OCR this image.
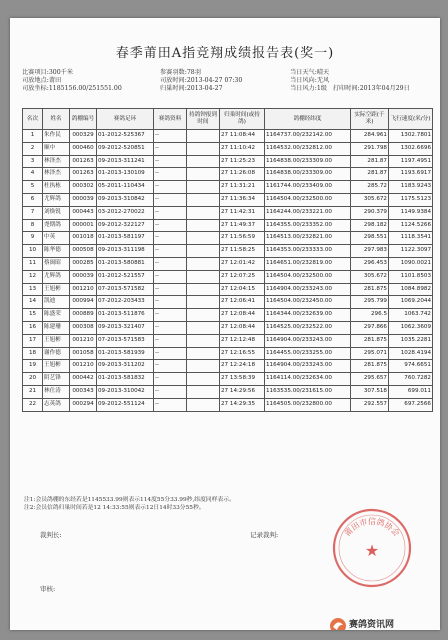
春季莆田A指竞翔成绩报告表(奖一)
比赛项目:300千米
司放地点:莆田
司放坐标:1185156.00/251551.00
参赛羽数:78羽
司放时间:2013-04-27 07:30
归巢时间:2013-04-27
当日天气:晴天
当日风向:无风
当日风力:1级 打印时间:2013年04月29日
名次	姓名	鸽棚编号	赛鸽足环	赛鸽资料	持鸽钟报到时间	归巢时间(或持鸽)	鸽棚经纬度	实际空距(千米)	飞行速度(米/分)
1	朱作民	000329	01-2012-525367	--		27 11:08:44	1164737.00/232142.00	284.961	1302.7801
2	顺中	000460	09-2012-520851	--		27 11:10:42	1164532.00/232812.00	291.798	1302.6696
3	林泽杰	001263	09-2013-311241	--		27 11:25:23	1164838.00/233309.00	281.87	1197.4951
4	林泽杰	001263	01-2013-130109	--		27 11:26:08	1164838.00/233309.00	281.87	1193.6917
5	杜执栋	000302	05-2011-110434	--		27 11:31:21	1161744.00/233409.00	285.72	1183.9243
6	尤辉鸽	000039	09-2013-310842	--		27 11:36:34	1164504.00/232500.00	305.672	1175.5123
7	刘焕锐	000443	03-2012-270022	--		27 11:42:31	1164244.00/233221.00	290.379	1149.9384
8	尧期鸽	000001	09-2012-322127	--		27 11:49:37	1164355.00/233352.00	298.182	1124.5266
9	中英	001018	01-2013-581197	--		27 11:56:59	1164513.00/232821.00	298.551	1118.3541
10	陈华德	000508	09-2013-311198	--		27 11:58:25	1164353.00/233333.00	297.983	1122.3097
11	蔡闽昭	000285	01-2013-580881	--		27 12:01:42	1164651.00/232819.00	296.453	1090.0021
12	尤辉鸽	000039	01-2012-521557	--		27 12:07:25	1164504.00/232500.00	305.672	1101.8503
13	王旭彬	001210	07-2013-571582	--		27 12:04:15	1164904.00/233243.00	281.875	1084.8982
14	凯迪	000994	07-2012-203433	--		27 12:06:41	1164504.00/232450.00	295.799	1069.2044
15	陈盛荣	000889	01-2013-511876	--		27 12:08:44	1164344.00/232639.00	296.5	1063.742
16	陈建珊	000308	09-2013-321407	--		27 12:08:44	1164525.00/232522.00	297.866	1062.3609
17	王旭彬	001210	07-2013-571583	--		27 12:12:48	1164904.00/233243.00	281.875	1035.2281
18	谢作德	001058	01-2013-581939	--		27 12:16:55	1164455.00/233255.00	295.071	1028.4194
19	王旭彬	001210	09-2013-311202	--		27 12:24:18	1164904.00/233243.00	281.875	974.6651
20	阴艺锋	000442	01-2013-581832	--		27 13:58:39	1164114.00/232634.00	295.657	760.7282
21	林仕涛	000343	09-2013-310042	--		27 14:29:56	1163535.00/231615.00	307.518	699.011
22	志英鸽	000294	09-2012-551124	--		27 14:29:35	1164505.00/232800.00	292.557	697.2566
注1:会员鸽棚的东经若是1145533.99则表示114度55分33.99秒,纬度同样表示。
注2:会员信鸽归巢时间若是12 14:33:55则表示12日14时33分55秒。
裁判长:	记录裁判:
审核:
莆田市信鸽协会
★
赛鸽资讯网
www.saigexun.com
